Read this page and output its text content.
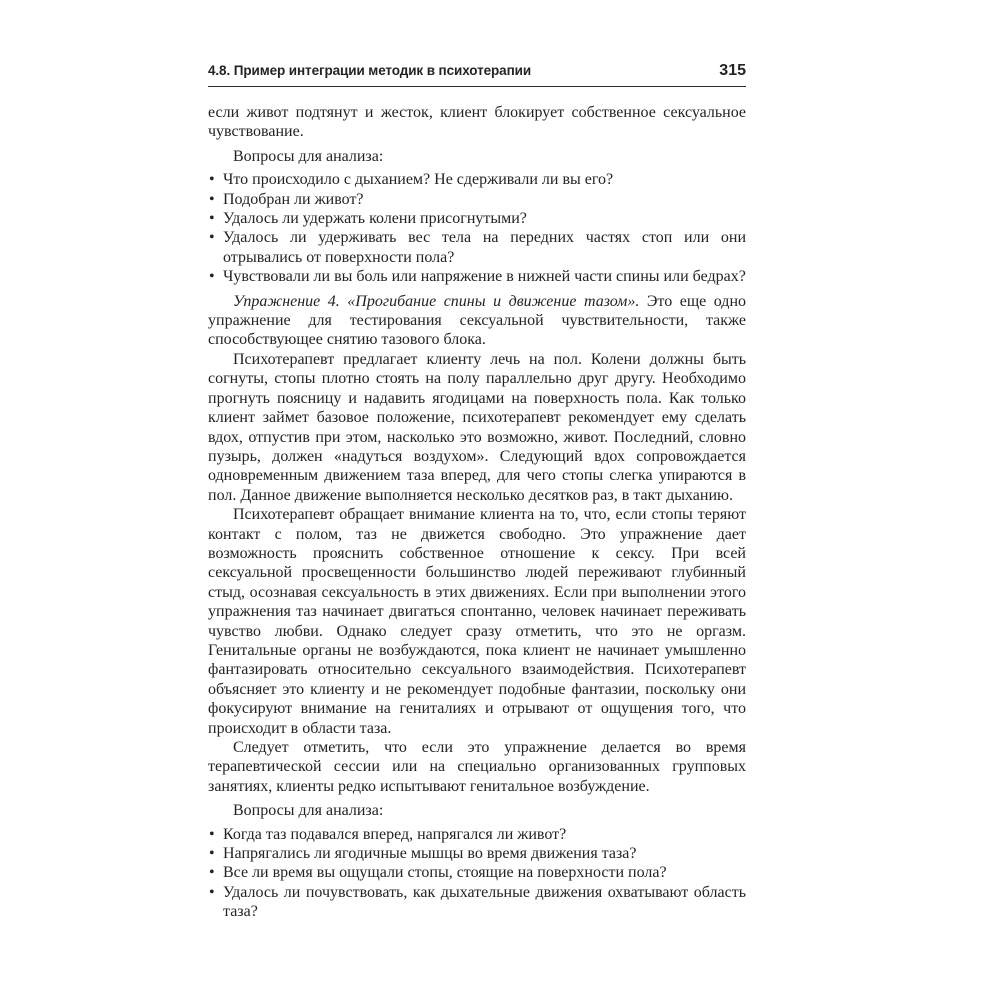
4.8. Пример интеграции методик в психотерапии	315

если живот подтянут и жесток, клиент блокирует собственное сексуальное чувствование.

Вопросы для анализа:

• Что происходило с дыханием? Не сдерживали ли вы его?
• Подобран ли живот?
• Удалось ли удержать колени присогнутыми?
• Удалось ли удерживать вес тела на передних частях стоп или они отрывались от поверхности пола?
• Чувствовали ли вы боль или напряжение в нижней части спины или бедрах?

Упражнение 4. «Прогибание спины и движение тазом». Это еще одно упражнение для тестирования сексуальной чувствительности, также способствующее снятию тазового блока.

Психотерапевт предлагает клиенту лечь на пол. Колени должны быть согнуты, стопы плотно стоять на полу параллельно друг другу. Необходимо прогнуть поясницу и надавить ягодицами на поверхность пола. Как только клиент займет базовое положение, психотерапевт рекомендует ему сделать вдох, отпустив при этом, насколько это возможно, живот. Последний, словно пузырь, должен «надуться воздухом». Следующий вдох сопровождается одновременным движением таза вперед, для чего стопы слегка упираются в пол. Данное движение выполняется несколько десятков раз, в такт дыханию.

Психотерапевт обращает внимание клиента на то, что, если стопы теряют контакт с полом, таз не движется свободно. Это упражнение дает возможность прояснить собственное отношение к сексу. При всей сексуальной просвещенности большинство людей переживают глубинный стыд, осознавая сексуальность в этих движениях. Если при выполнении этого упражнения таз начинает двигаться спонтанно, человек начинает переживать чувство любви. Однако следует сразу отметить, что это не оргазм. Генитальные органы не возбуждаются, пока клиент не начинает умышленно фантазировать относительно сексуального взаимодействия. Психотерапевт объясняет это клиенту и не рекомендует подобные фантазии, поскольку они фокусируют внимание на гениталиях и отрывают от ощущения того, что происходит в области таза.

Следует отметить, что если это упражнение делается во время терапевтической сессии или на специально организованных групповых занятиях, клиенты редко испытывают генитальное возбуждение.

Вопросы для анализа:

• Когда таз подавался вперед, напрягался ли живот?
• Напрягались ли ягодичные мышцы во время движения таза?
• Все ли время вы ощущали стопы, стоящие на поверхности пола?
• Удалось ли почувствовать, как дыхательные движения охватывают область таза?
